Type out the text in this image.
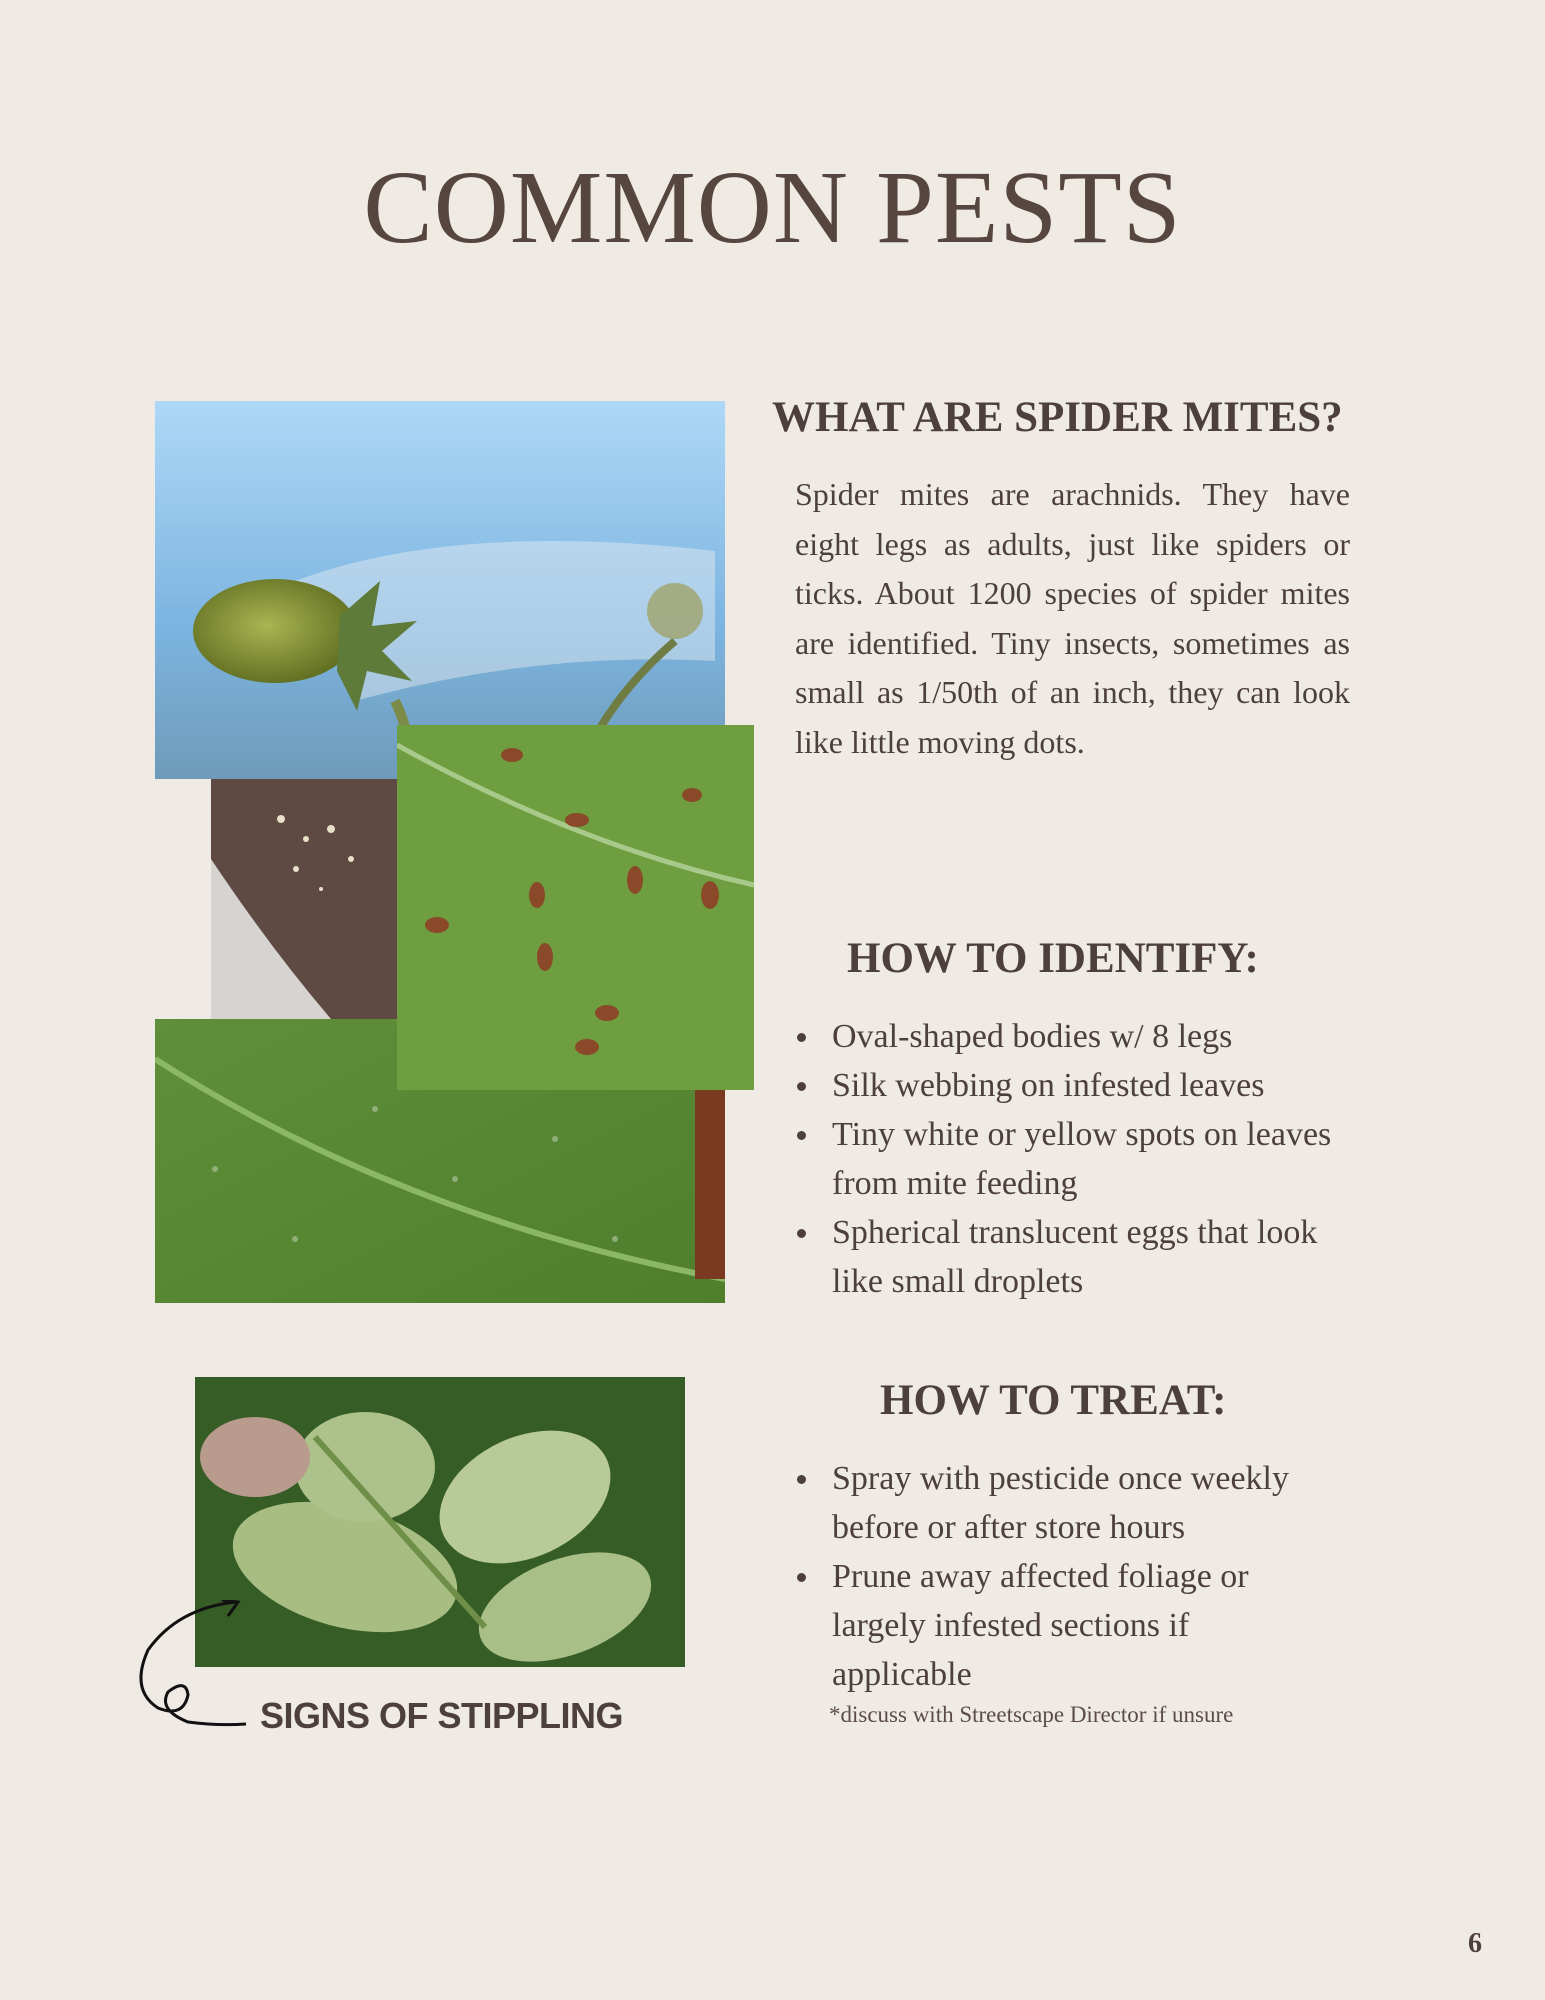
COMMON PESTS
SIGNS OF STIPPLING
WHAT ARE SPIDER MITES?
Spider mites are arachnids. They have eight legs as adults, just like spiders or ticks. About 1200 species of spider mites are identified. Tiny insects, sometimes as small as 1/50th of an inch, they can look like little moving dots.
HOW TO IDENTIFY:
Oval-shaped bodies w/ 8 legs
Silk webbing on infested leaves
Tiny white or yellow spots on leaves from mite feeding
Spherical translucent eggs that look like small droplets
HOW TO TREAT:
Spray with pesticide once weekly before or after store hours
Prune away affected foliage or largely infested sections if applicable
*discuss with Streetscape Director if unsure
6
